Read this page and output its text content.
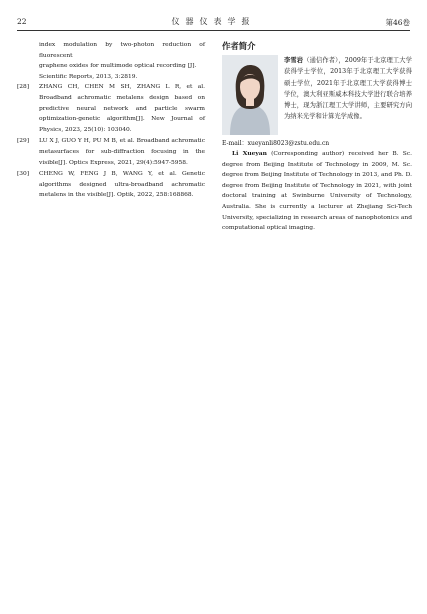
22	仪器仪表学报	第46卷
index modulation by two-photon reduction of fluorescent
graphene oxides for multimode optical recording [J].
Scientific Reports, 2013, 3:2819.
[28] ZHANG CH, CHEN M SH, ZHANG L R, et al. Broadband achromatic metalens design based on predictive neural network and particle swarm optimization-genetic algorithm[J]. New Journal of Physics, 2023, 25(10): 103040.
[29] LU X J, GUO Y H, PU M B, et al. Broadband achromatic metasurfaces for sub-diffraction focusing in the visible[J]. Optics Express, 2021, 29(4):5947-5958.
[30] CHENG W, FENG J B, WANG Y, et al. Genetic algorithms designed ultra-broadband achromatic metalens in the visible[J]. Optik, 2022, 258:168868.
作者简介
李雪岩（通信作者），2009年于北京理工大学获得学士学位，2013年于北京理工大学获得硕士学位，2021年于北京理工大学获得博士学位，澳大利亚斯威本科技大学进行联合培养博士，现为浙江理工大学讲师，主要研究方向为纳米光学和计算光学成像。
E-mail：xueyanli8023@zstu.edu.cn
Li Xueyan (Corresponding author) received her B. Sc. degree from Beijing Institute of Technology in 2009, M. Sc. degree from Beijing Institute of Technology in 2013, and Ph. D. degree from Beijing Institute of Technology in 2021, with joint doctoral training at Swinburne University of Technology, Australia. She is currently a lecturer at Zhejiang Sci-Tech University, specializing in research areas of nanophotonics and computational optical imaging.
